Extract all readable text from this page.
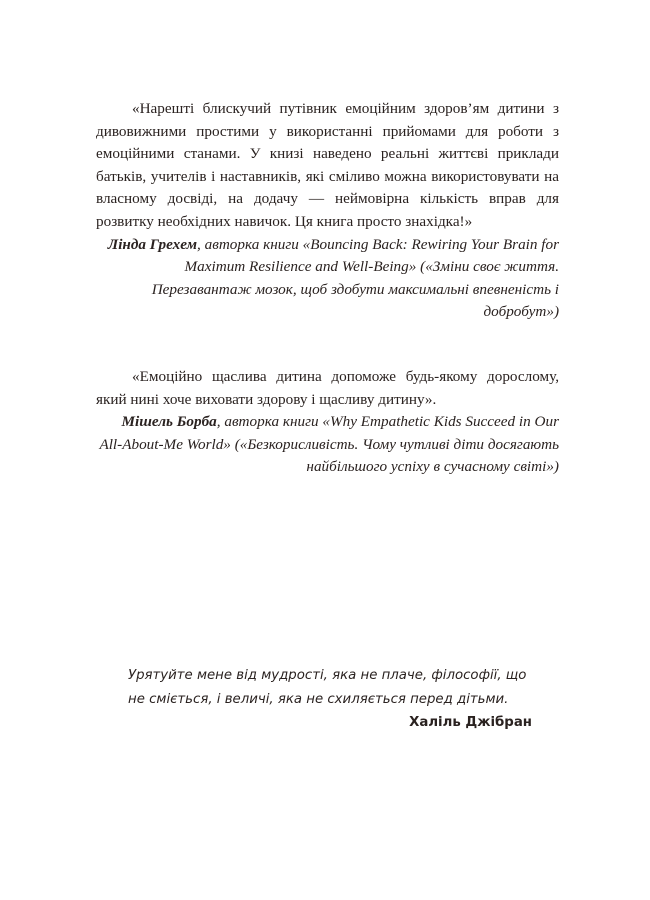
«Нарешті блискучий путівник емоційним здоров’ям дитини з дивовижними простими у використанні прийомами для роботи з емоційними станами. У книзі наведено реальні життєві приклади батьків, учителів і наставників, які сміливо можна використовувати на власному досвіді, на додачу — неймовірна кількість вправ для розвитку необхідних навичок. Ця книга просто знахідка!»

Лінда Грехем, авторка книги «Bouncing Back: Rewiring Your Brain for Maximum Resilience and Well-Being» («Зміни своє життя. Перезавантаж мозок, щоб здобути максимальні впевненість і добробут»)

«Емоційно щаслива дитина допоможе будь-якому дорослому, який нині хоче виховати здорову і щасливу дитину».

Мішель Борба, авторка книги «Why Empathetic Kids Succeed in Our All-About-Me World» («Безкорисливість. Чому чутливі діти досягають найбільшого успіху в сучасному світі»)

Урятуйте мене від мудрості, яка не плаче, філософії, що не сміється, і величі, яка не схиляється перед дітьми.

Халіль Джібран
